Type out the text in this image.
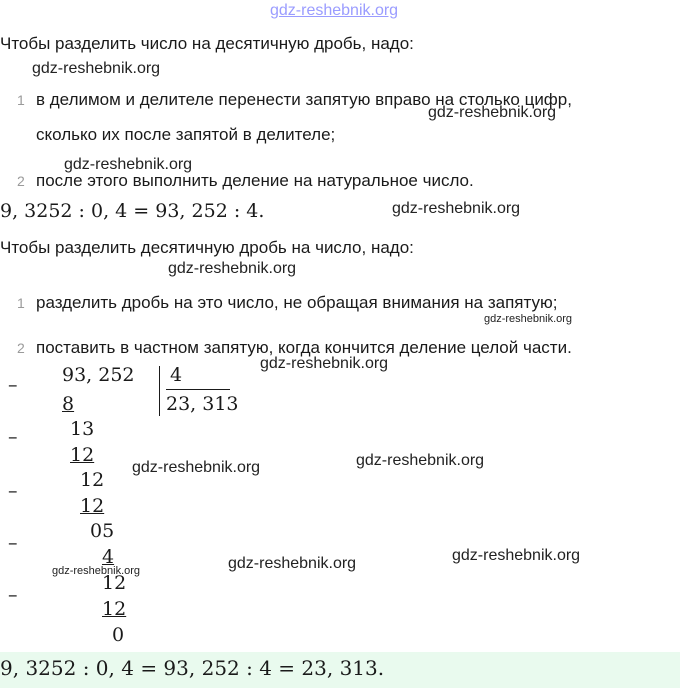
gdz-reshebnik.org
Чтобы разделить число на десятичную дробь, надо:
gdz-reshebnik.org
1 в делимом и делителе перенести запятую вправо на столько цифр,
gdz-reshebnik.org
сколько их после запятой в делителе;
gdz-reshebnik.org
2 после этого выполнить деление на натуральное число.
9, 3252 : 0, 4 = 93, 252 : 4.	gdz-reshebnik.org
Чтобы разделить десятичную дробь на число, надо:
gdz-reshebnik.org
1 разделить дробь на это число, не обращая внимания на запятую;
gdz-reshebnik.org
2 поставить в частном запятую, когда кончится деление целой части.
– 93, 252 4
23, 313
gdz-reshebnik.org
8
–	13
12
gdz-reshebnik.org	gdz-reshebnik.org
–	12
12
–
05
4
gdz-reshebnik.org	gdz-reshebnik.org	gdz-reshebnik.org
–
12
12
0
9, 3252 : 0, 4 = 93, 252 : 4 = 23, 313.
